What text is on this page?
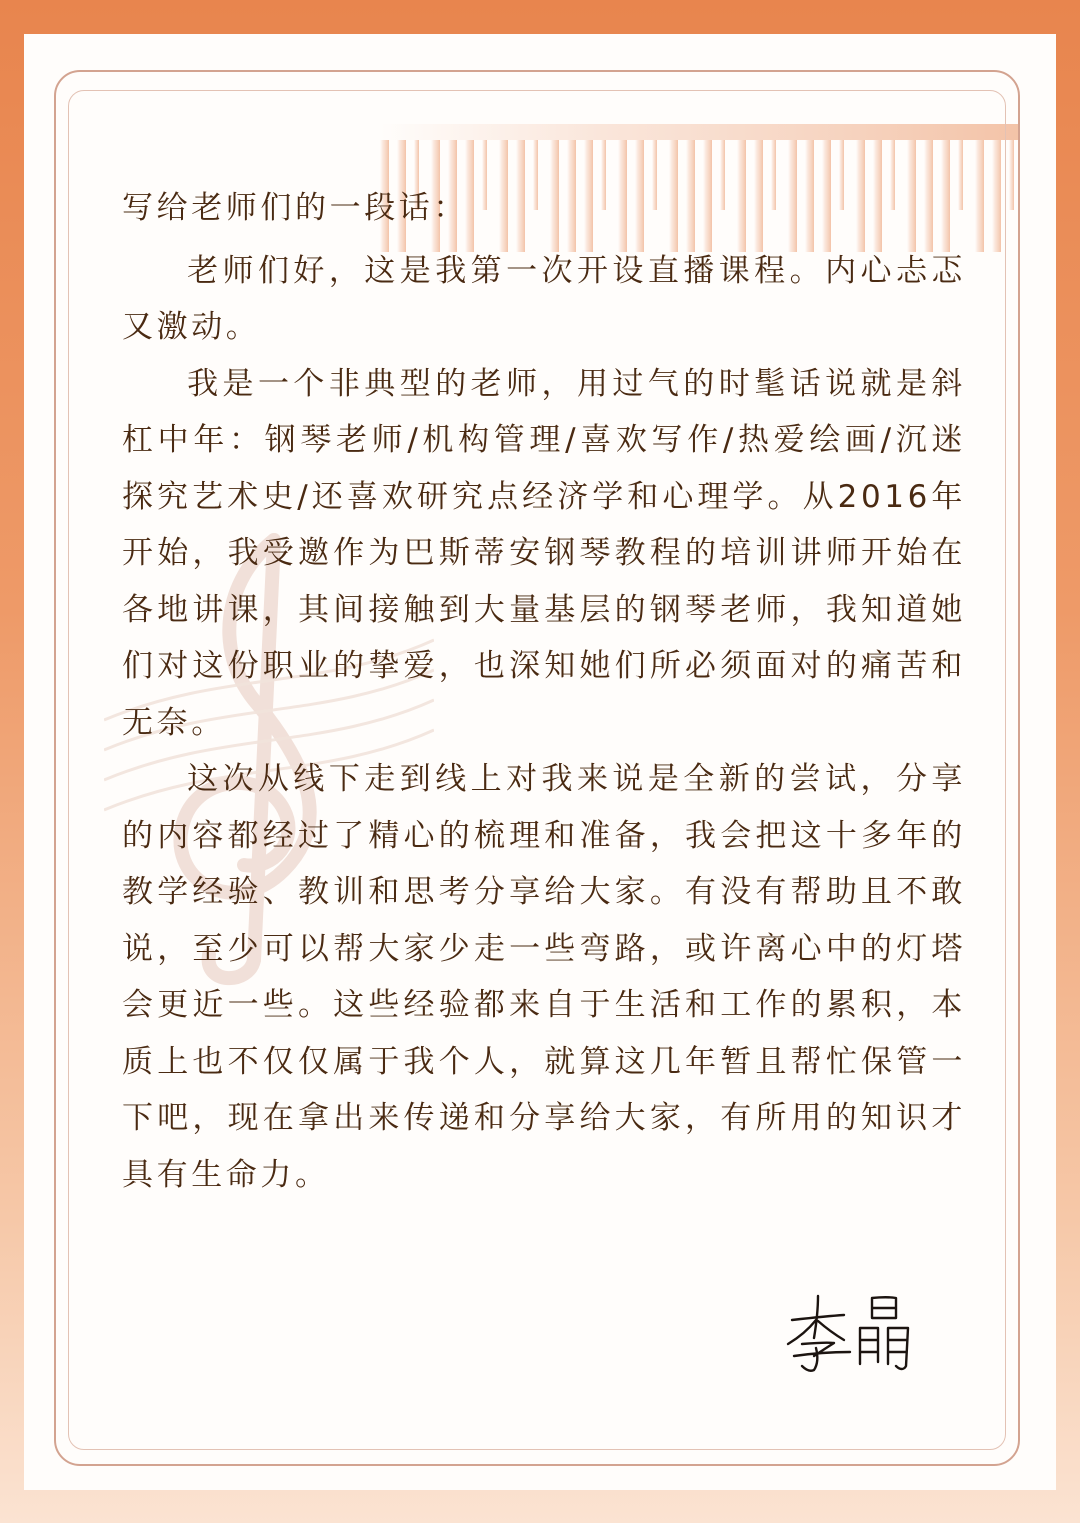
写给老师们的一段话：

老师们好，这是我第一次开设直播课程。内心忐忑又激动。

我是一个非典型的老师，用过气的时髦话说就是斜杠中年：钢琴老师/机构管理/喜欢写作/热爱绘画/沉迷探究艺术史/还喜欢研究点经济学和心理学。从2016年开始，我受邀作为巴斯蒂安钢琴教程的培训讲师开始在各地讲课，其间接触到大量基层的钢琴老师，我知道她们对这份职业的挚爱，也深知她们所必须面对的痛苦和无奈。

这次从线下走到线上对我来说是全新的尝试，分享的内容都经过了精心的梳理和准备，我会把这十多年的教学经验、教训和思考分享给大家。有没有帮助且不敢说，至少可以帮大家少走一些弯路，或许离心中的灯塔会更近一些。这些经验都来自于生活和工作的累积，本质上也不仅仅属于我个人，就算这几年暂且帮忙保管一下吧，现在拿出来传递和分享给大家，有所用的知识才具有生命力。
